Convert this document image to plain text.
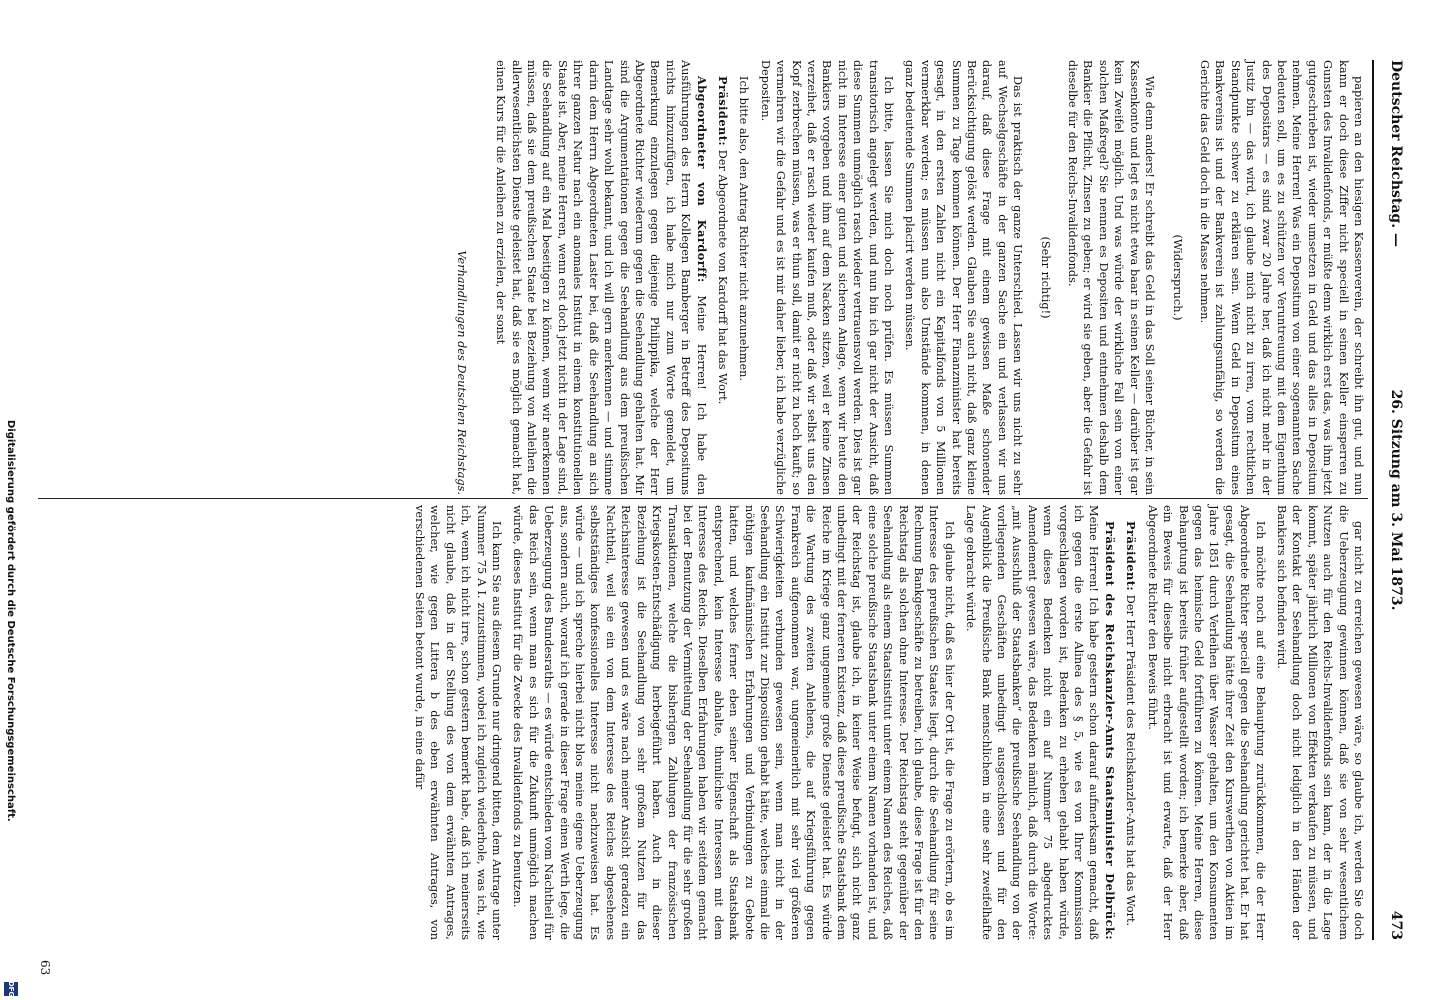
Deutscher Reichstag. —
26. Sitzung am 3. Mai 1873.
473

papieren an den hiesigen Kassenverein, der schreibt ihn gut, und nun kann er doch diese Ziffer nicht speciell in seinen Keller einsperren zu Gunsten des Invalidenfonds, er müßte denn wirklich erst das, was ihm jetzt gutgeschrieben ist, wieder umsetzen in Geld und das alles in Depositum nehmen. Meine Herren! Was ein Depositum von einer sogenannten Sache bedeuten soll, um es zu schützen vor Veruntreuung mit dem Eigenthum des Depositars — es sind zwar 20 Jahre her, daß ich nicht mehr in der Justiz bin — das wird, ich glaube mich nicht zu irren, vom rechtlichen Standpunkte schwer zu erklären sein. Wenn Geld in Depositum eines Bankvereins ist und der Bankverein ist zahlungsunfähig, so werden die Gerichte das Geld doch in die Masse nehmen.

(Widerspruch.)

Wie denn anders! Er schreibt das Geld in das Soll seiner Bücher, in sein Kassenkonto und legt es nicht etwa baar in seinen Keller — darüber ist gar kein Zweifel möglich. Und was würde der wirkliche Fall sein von einer solchen Maßregel? Sie nennen es Depositen und entnehmen deshalb dem Bankier die Pflicht, Zinsen zu geben; er wird sie geben, aber die Gefahr ist dieselbe für den Reichs-Invalidenfonds.

(Sehr richtig!)

Das ist praktisch der ganze Unterschied. Lassen wir uns nicht zu sehr auf Wechselgeschäfte in der ganzen Sache ein und verlassen wir uns darauf, daß diese Frage mit einem gewissen Maße schonender Berücksichtigung gelöst werden. Glauben Sie auch nicht, daß ganz kleine Summen zu Tage kommen können. Der Herr Finanzminister hat bereits gesagt, in den ersten Zahlen nicht ein Kapitalfonds von 5 Millionen vermerkbar werden; es müssen nun also Umstände kommen, in denen ganz bedeutende Summen placirt werden müssen.

Ich bitte, lassen Sie mich doch noch prüfen. Es müssen Summen transitorisch angelegt werden, und nun bin ich gar nicht der Ansicht, daß diese Summen unmöglich rasch wieder vertrauensvoll werden. Dies ist gar nicht im Interesse einer guten und sicheren Anlage, wenn wir heute den Bankiers vorgeben und ihm auf dem Nacken sitzen, weil er keine Zinsen verzeihet, daß er rasch wieder kaufen muß, oder daß wir selbst uns den Kopf zerbrechen müssen, was er thun soll, damit er nicht zu hoch kauft; so vermehren wir die Gefahr und es ist mir daher lieber, ich habe verzügliche Depositen.

Ich bitte also, den Antrag Richter nicht anzunehmen.

Präsident: Der Abgeordnete von Kardorff hat das Wort.

Abgeordneter von Kardorff: Meine Herren! Ich habe den Ausführungen des Herrn Kollegen Bamberger in Betreff des Depositums nichts hinzuzufügen, ich habe mich nur zum Worte gemeldet, um Bemerkung einzulegen gegen diejenige Philippika, welche der Herr Abgeordnete Richter wiederum gegen die Seehandlung gehalten hat. Mir sind die Argumentationen gegen die Seehandlung aus dem preußischen Landtage sehr wohl bekannt, und ich will gern anerkennen — und stimme darin dem Herrn Abgeordneten Laster bei, daß die Seehandlung an sich ihrer ganzen Natur nach ein anomales Institut in einem konstitutionellen Staate ist. Aber, meine Herren, wenn erst doch jetzt nicht in der Lage sind, die Seehandlung auf ein Mal beseitigen zu können, wenn wir anerkennen müssen, daß sie dem preußischen Staate bei Beziehung von Anleihen die allerwesentlichsten Dienste geleistet hat, daß sie es möglich gemacht hat, einen Kurs für die Anleihen zu erzielen, der sonst

Verhandlungen des Deutschen Reichstags.

gar nicht zu erreichen gewesen wäre, so glaube ich, werden Sie doch die Ueberzeugung gewinnen können, daß sie von sehr wesentlichem Nutzen auch für den Reichs-Invalidenfonds sein kann, der in die Lage kommt, später jährlich Millionen von Effekten verkaufen zu müssen, und der Kontakt der Seehandlung doch nicht lediglich in den Händen der Bankiers sich befinden wird.

Ich möchte noch auf eine Behauptung zurückkommen, die der Herr Abgeordnete Richter speciell gegen die Seehandlung gerichtet hat. Er hat gesagt, die Seehandlung hätte ihrer Zeit den Kurswerthen von Aktien im Jahre 1851 durch Verleihen über Wasser gehalten, um den Konsumenten gegen das heimische Geld fortführen zu können. Meine Herren, diese Behauptung ist bereits früher aufgestellt worden; ich bemerke aber, daß ein Beweis für dieselbe nicht erbracht ist und erwarte, daß der Herr Abgeordnete Richter den Beweis führt.

Präsident: Der Herr Präsident des Reichskanzler-Amts hat das Wort.

Präsident des Reichskanzler-Amts Staatsminister Delbrück: Meine Herren! Ich habe gestern schon darauf aufmerksam gemacht, daß ich gegen die erste Alinea des § 5, wie es von Ihrer Kommission vorgeschlagen worden ist, Bedenken zu erheben gehabt haben würde, wenn dieses Bedenken nicht ein auf Nummer 75 abgedrucktes Amendement gewesen wäre, das Bedenken nämlich, daß durch die Worte: „mit Ausschluß der Staatsbanken“ die preußische Seehandlung von der vorliegenden Geschäften unbedingt ausgeschlossen und für den Augenblick die Preußische Bank menschlichem in eine sehr zweifelhafte Lage gebracht würde.

Ich glaube nicht, daß es hier der Ort ist, die Frage zu erörtern, ob es im Interesse des preußischen Staates liegt, durch die Seehandlung für seine Rechnung Bankgeschäfte zu betreiben, ich glaube, diese Frage ist für den Reichstag als solchen ohne Interesse. Der Reichstag steht gegenüber der Seehandlung als einem Staatsinstitut unter einem Namen des Reiches, daß eine solche preußische Staatsbank unter einem Namen vorhanden ist, und der Reichstag ist, glaube ich, in keiner Weise befugt, sich nicht ganz unbedingt mit der ferneren Existenz, daß diese preußische Staatsbank dem Reiche im Kriege ganz ungemeine große Dienste geleistet hat. Es würde die Wartung des zweiten Anlehens, die auf Kriegsführung gegen Frankreich aufgenommen war, ungemeinerlich mit sehr viel größeren Schwierigkeiten verbunden gewesen sein, wenn man nicht in der Seehandlung ein Institut zur Disposition gehabt hätte, welches einmal die nöthigen kaufmännischen Erfahrungen und Verbindungen zu Gebote hatten, und welches ferner eben seiner Eigenschaft als Staatsbank entsprechend, kein Interesse abhalte, thunlichste Interessen mit dem Interesse des Reichs. Dieselben Erfahrungen haben wir seitdem gemacht bei der Benutzung der Vermittelung der Seehandlung für die sehr großen Transaktionen, welche die bisherigen Zahlungen der französischen Kriegskosten-Entschädigung herbeigeführt haben. Auch in dieser Beziehung ist die Seehandlung von sehr großem Nutzen für das Reichsinteresse gewesen und es wäre nach meiner Ansicht geradezu ein Nachtheil, weil sie ein von dem Interesse des Reiches abgesehenes selbstständiges konfessionelles Interesse nicht nachzuweisen hat. Es würde — und ich spreche hierbei nicht blos meine eigene Ueberzeugung aus, sondern auch, worauf ich gerade in dieser Frage einen Werth lege, die Ueberzeugung des Bundesraths — es würde entschieden vom Nachtheil für das Reich sein, wenn man es sich für die Zukunft unmöglich machen würde, dieses Institut für die Zwecke des Invalidenfonds zu benutzen.

Ich kann Sie aus diesem Grunde nur dringend bitten, dem Antrage unter Nummer 75 A I. zuzustimmen, wobei ich zugleich wiederhole, was ich, wie ich, wenn ich nicht irre, schon gestern bemerkt habe, daß ich meinerseits nicht glaube, daß in der Stellung des von dem erwähnten Antrages, welcher, wie gegen Littera b des eben erwähnten Antrages, von verschiedenen Seiten betont wurde, in eine dafür

63
Digitalisierung gefördert durch die Deutsche Forschungsgemeinschaft.
DFG
